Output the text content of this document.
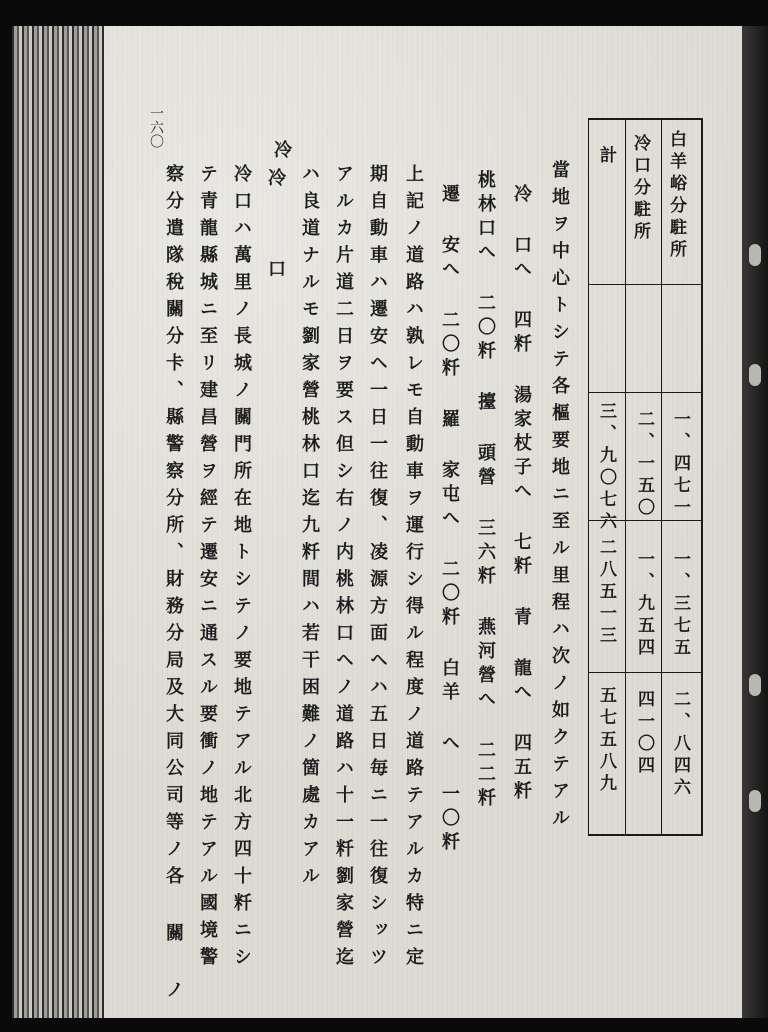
一六〇
白羊峪分駐所
一、四七一
一、三七五
二、八四六
冷口分駐所
二、一五〇
一、九五四
四一〇四
計
三、九〇七六
二八五一三
五七五八九
當地ヲ中心トシテ各樞要地ニ至ル里程ハ次ノ如クテアル
冷 口へ 四粁 湯家杖子へ 七粁 青 龍へ 四五粁
桃林口へ 二〇粁 擡 頭營 三六粁 燕河營へ 二二粁
遷 安へ 二〇粁 羅 家屯へ 二〇粁 白羊 へ 一〇粁
上記ノ道路ハ孰レモ自動車ヲ運行シ得ル程度ノ道路テアルカ特ニ定
期自動車ハ遷安ヘ一日一往復、凌源方面ヘハ五日毎ニ一往復シッツ
アルカ片道二日ヲ要ス但シ右ノ内桃林口ヘノ道路ハ十一粁劉家營迄
ハ良道ナルモ劉家營桃林口迄九粁間ハ若干困難ノ箇處カアル
冷 口
冷
冷口ハ萬里ノ長城ノ關門所在地トシテノ要地テアル北方四十粁ニシ
テ青龍縣城ニ至リ建昌營ヲ經テ遷安ニ通スル要衝ノ地テアル國境警
察分遣隊稅關分卡、縣警察分所、財務分局及大同公司等ノ各 關 ノ
